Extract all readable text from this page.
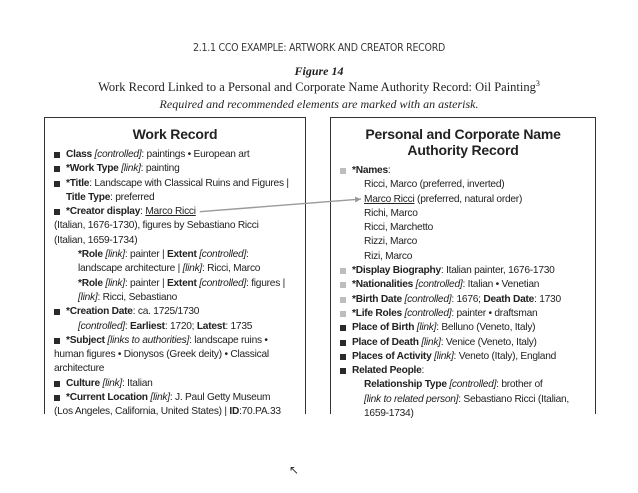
2.1.1 CCO EXAMPLE: ARTWORK AND CREATOR RECORD
Figure 14
Work Record Linked to a Personal and Corporate Name Authority Record: Oil Painting$^3$
Required and recommended elements are marked with an asterisk.
Work Record
Class [controlled]: paintings • European art
*Work Type [link]: painting
*Title: Landscape with Classical Ruins and Figures |
Title Type: preferred
*Creator display: Marco Ricci
(Italian, 1676-1730), figures by Sebastiano Ricci
(Italian, 1659-1734)
*Role [link]: painter | Extent [controlled]:
landscape architecture | [link]: Ricci, Marco
*Role [link]: painter | Extent [controlled]: figures |
[link]: Ricci, Sebastiano
*Creation Date: ca. 1725/1730
[controlled]: Earliest: 1720; Latest: 1735
*Subject [links to authorities]: landscape ruins •
human figures • Dionysos (Greek deity) • Classical
architecture
Culture [link]: Italian
*Current Location [link]: J. Paul Getty Museum
(Los Angeles, California, United States) | ID:70.PA.33
↖
Personal and Corporate Name
Authority Record
*Names:
Ricci, Marco (preferred, inverted)
Marco Ricci (preferred, natural order)
Richi, Marco
Ricci, Marchetto
Rizzi, Marco
Rizi, Marco
*Display Biography: Italian painter, 1676-1730
*Nationalities [controlled]: Italian • Venetian
*Birth Date [controlled]: 1676; Death Date: 1730
*Life Roles [controlled]: painter • draftsman
Place of Birth [link]: Belluno (Veneto, Italy)
Place of Death [link]: Venice (Veneto, Italy)
Places of Activity [link]: Veneto (Italy), England
Related People:
Relationship Type [controlled]: brother of
[link to related person]: Sebastiano Ricci (Italian,
1659-1734)
